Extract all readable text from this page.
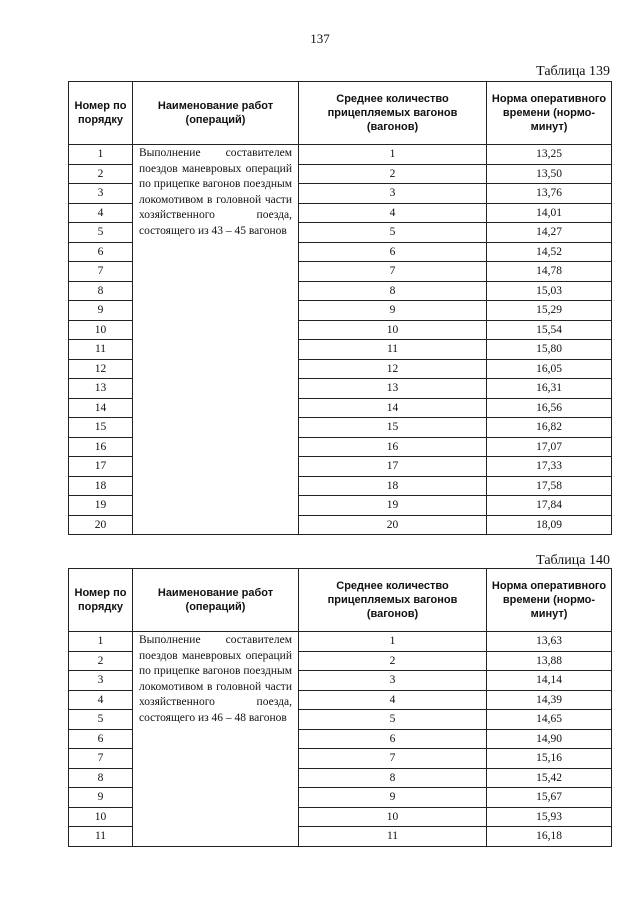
137
Таблица 139
Номер по порядку	Наименование работ (операций)	Среднее количество прицепляемых вагонов (вагонов)	Норма оперативного времени (нормо-минут)
1	Выполнение составителем поездов маневровых операций по прицепке вагонов поездным локомотивом в головной части хозяйственного поезда, состоящего из 43 – 45 вагонов	1	13,25
2		2	13,50
3		3	13,76
4		4	14,01
5		5	14,27
6		6	14,52
7		7	14,78
8		8	15,03
9		9	15,29
10		10	15,54
11		11	15,80
12		12	16,05
13		13	16,31
14		14	16,56
15		15	16,82
16		16	17,07
17		17	17,33
18		18	17,58
19		19	17,84
20		20	18,09
Таблица 140
Номер по порядку	Наименование работ (операций)	Среднее количество прицепляемых вагонов (вагонов)	Норма оперативного времени (нормо-минут)
1	Выполнение составителем поездов маневровых операций по прицепке вагонов поездным локомотивом в головной части хозяйственного поезда, состоящего из 46 – 48 вагонов	1	13,63
2		2	13,88
3		3	14,14
4		4	14,39
5		5	14,65
6		6	14,90
7		7	15,16
8		8	15,42
9		9	15,67
10		10	15,93
11		11	16,18
